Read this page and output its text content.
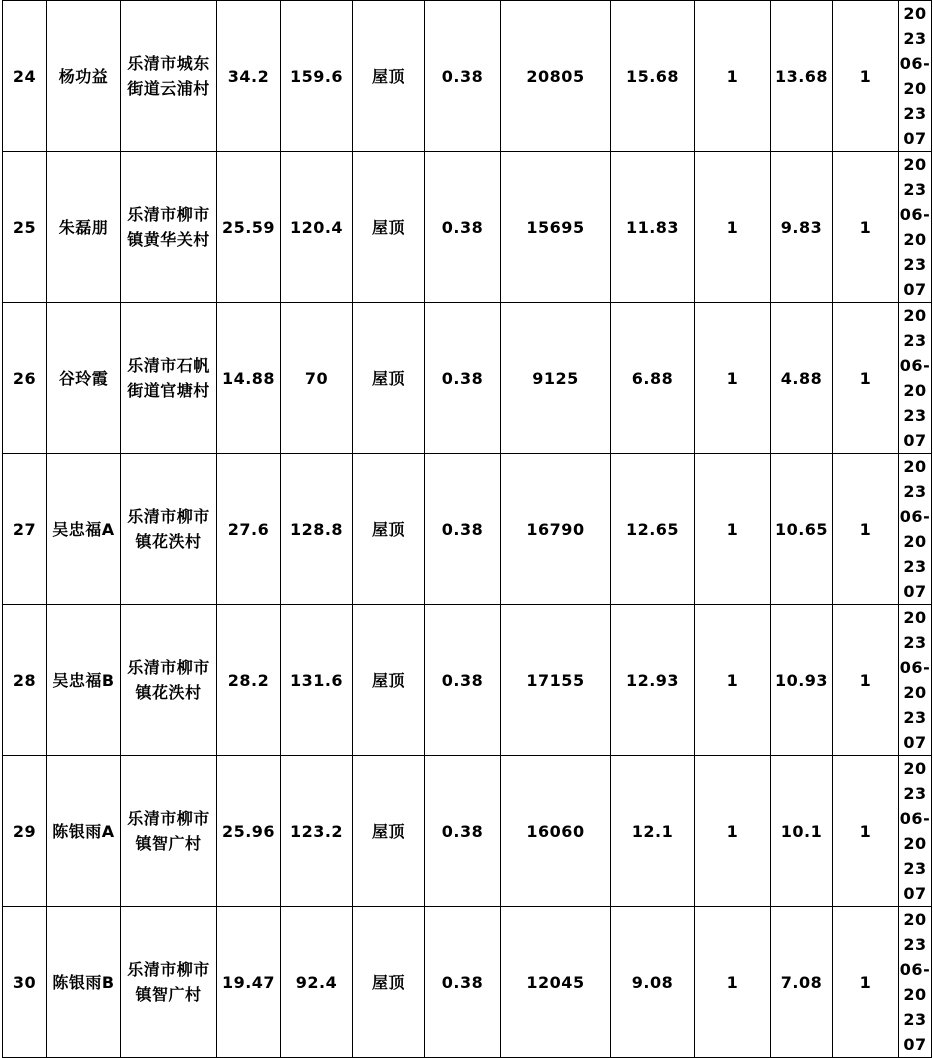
24	杨功益	乐清市城东街道云浦村	34.2	159.6	屋顶	0.38	20805	15.68	1	13.68	1	202306-202307
25	朱磊朋	乐清市柳市镇黄华关村	25.59	120.4	屋顶	0.38	15695	11.83	1	9.83	1	202306-202307
26	谷玲霞	乐清市石帆街道官塘村	14.88	70	屋顶	0.38	9125	6.88	1	4.88	1	202306-202307
27	吴忠福A	乐清市柳市镇花泆村	27.6	128.8	屋顶	0.38	16790	12.65	1	10.65	1	202306-202307
28	吴忠福B	乐清市柳市镇花泆村	28.2	131.6	屋顶	0.38	17155	12.93	1	10.93	1	202306-202307
29	陈银雨A	乐清市柳市镇智广村	25.96	123.2	屋顶	0.38	16060	12.1	1	10.1	1	202306-202307
30	陈银雨B	乐清市柳市镇智广村	19.47	92.4	屋顶	0.38	12045	9.08	1	7.08	1	202306-202307
